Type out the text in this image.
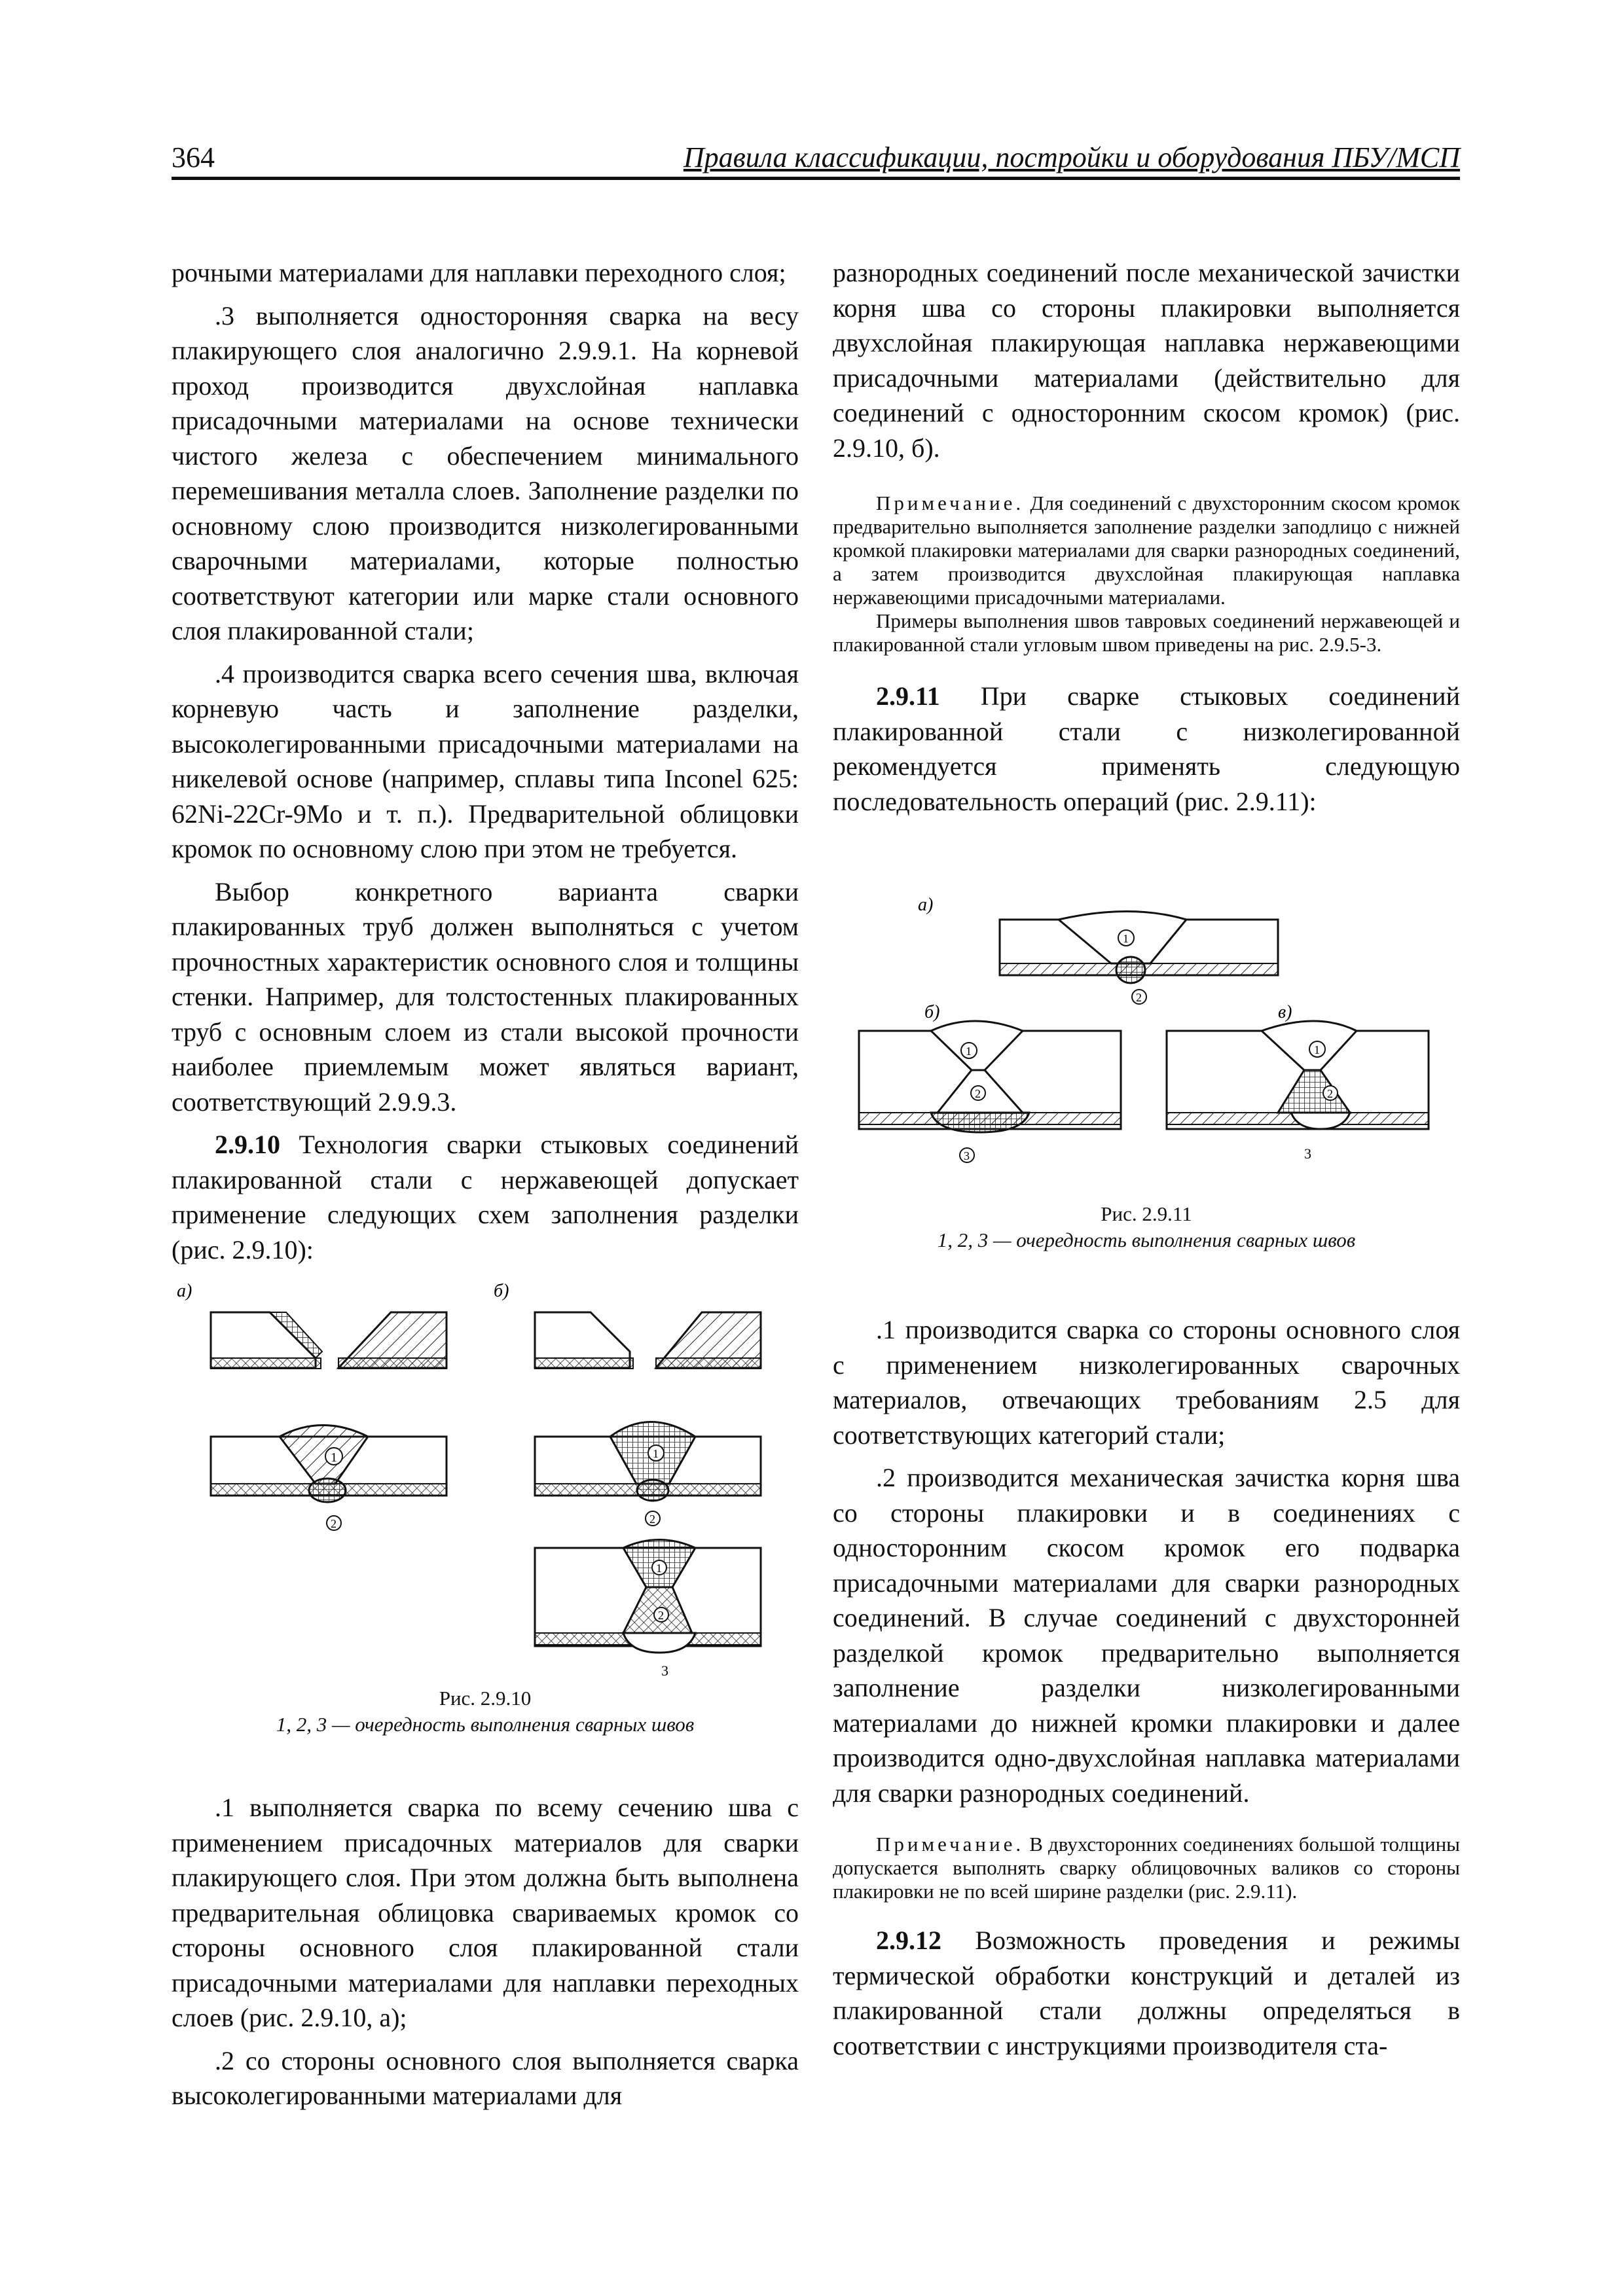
364	Правила классификации, постройки и оборудования ПБУ/МСП

рочными материалами для наплавки переходного слоя;

.3 выполняется односторонняя сварка на весу плакирующего слоя аналогично 2.9.9.1. На корневой проход производится двухслойная наплавка присадочными материалами на основе технически чистого железа с обеспечением минимального перемешивания металла слоев. Заполнение разделки по основному слою производится низколегированными сварочными материалами, которые полностью соответствуют категории или марке стали основного слоя плакированной стали;

.4 производится сварка всего сечения шва, включая корневую часть и заполнение разделки, высоколегированными присадочными материалами на никелевой основе (например, сплавы типа Inconel 625: 62Ni-22Cr-9Mo и т. п.). Предварительной облицовки кромок по основному слою при этом не требуется.

Выбор конкретного варианта сварки плакированных труб должен выполняться с учетом прочностных характеристик основного слоя и толщины стенки. Например, для толстостенных плакированных труб с основным слоем из стали высокой прочности наиболее приемлемым может являться вариант, соответствующий 2.9.9.3.

2.9.10 Технология сварки стыковых соединений плакированной стали с нержавеющей допускает применение следующих схем заполнения разделки (рис. 2.9.10):

а)	б)
1
2
1
2
1
2
3
Рис. 2.9.10
1, 2, 3 — очередность выполнения сварных швов

.1 выполняется сварка по всему сечению шва с применением присадочных материалов для сварки плакирующего слоя. При этом должна быть выполнена предварительная облицовка свариваемых кромок со стороны основного слоя плакированной стали присадочными материалами для наплавки переходных слоев (рис. 2.9.10, а);

.2 со стороны основного слоя выполняется сварка высоколегированными материалами для

разнородных соединений после механической зачистки корня шва со стороны плакировки выполняется двухслойная плакирующая наплавка нержавеющими присадочными материалами (действительно для соединений с односторонним скосом кромок) (рис. 2.9.10, б).

Примечание. Для соединений с двухсторонним скосом кромок предварительно выполняется заполнение разделки заподлицо с нижней кромкой плакировки материалами для сварки разнородных соединений, а затем производится двухслойная плакирующая наплавка нержавеющими присадочными материалами.

Примеры выполнения швов тавровых соединений нержавеющей и плакированной стали угловым швом приведены на рис. 2.9.5-3.

2.9.11 При сварке стыковых соединений плакированной стали с низколегированной рекомендуется применять следующую последовательность операций (рис. 2.9.11):

а)
1
2
б)	в)
1
2
3
1
2
3
Рис. 2.9.11
1, 2, 3 — очередность выполнения сварных швов

.1 производится сварка со стороны основного слоя с применением низколегированных сварочных материалов, отвечающих требованиям 2.5 для соответствующих категорий стали;

.2 производится механическая зачистка корня шва со стороны плакировки и в соединениях с односторонним скосом кромок его подварка присадочными материалами для сварки разнородных соединений. В случае соединений с двухсторонней разделкой кромок предварительно выполняется заполнение разделки низколегированными материалами до нижней кромки плакировки и далее производится одно-двухслойная наплавка материалами для сварки разнородных соединений.

Примечание. В двухсторонних соединениях большой толщины допускается выполнять сварку облицовочных валиков со стороны плакировки не по всей ширине разделки (рис. 2.9.11).

2.9.12 Возможность проведения и режимы термической обработки конструкций и деталей из плакированной стали должны определяться в соответствии с инструкциями производителя ста-
